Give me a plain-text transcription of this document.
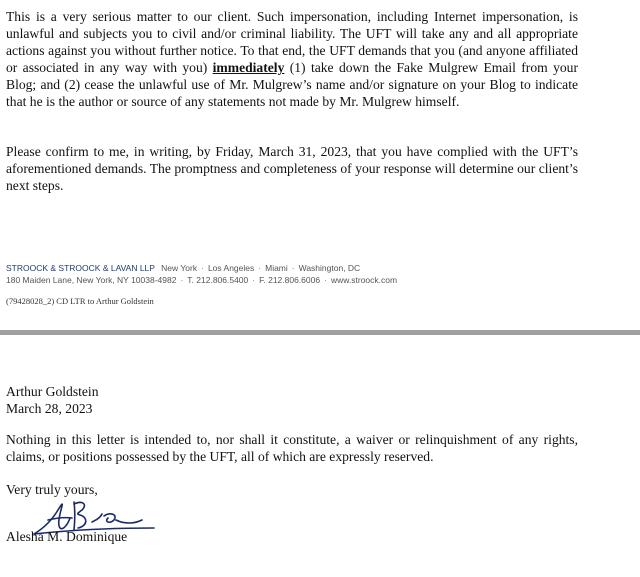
This is a very serious matter to our client. Such impersonation, including Internet impersonation, is unlawful and subjects you to civil and/or criminal liability. The UFT will take any and all appropriate actions against you without further notice. To that end, the UFT demands that you (and anyone affiliated or associated in any way with you) immediately (1) take down the Fake Mulgrew Email from your Blog; and (2) cease the unlawful use of Mr. Mulgrew’s name and/or signature on your Blog to indicate that he is the author or source of any statements not made by Mr. Mulgrew himself.

Please confirm to me, in writing, by Friday, March 31, 2023, that you have complied with the UFT’s aforementioned demands. The promptness and completeness of your response will determine our client’s next steps.

STROOCK & STROOCK & LAVAN LLP New York · Los Angeles · Miami · Washington, DC
180 Maiden Lane, New York, NY 10038-4982 · T. 212.806.5400 · F. 212.806.6006 · www.stroock.com
(79428028_2) CD LTR to Arthur Goldstein
Arthur Goldstein
March 28, 2023

Nothing in this letter is intended to, nor shall it constitute, a waiver or relinquishment of any rights, claims, or positions possessed by the UFT, all of which are expressly reserved.

Very truly yours,
Alesha M. Dominique
